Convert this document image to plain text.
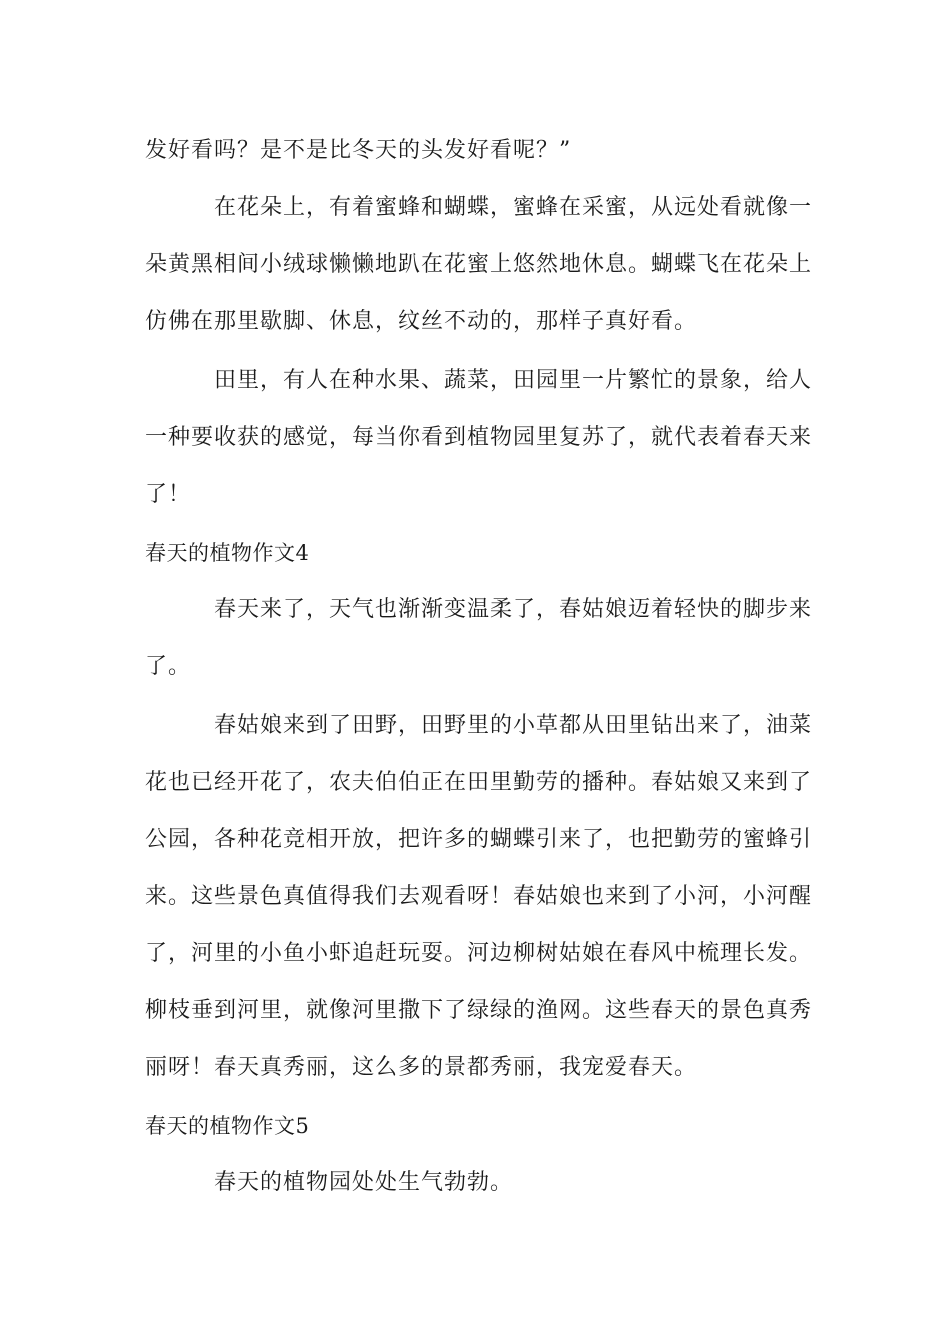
发好看吗？是不是比冬天的头发好看呢？”
在花朵上，有着蜜蜂和蝴蝶，蜜蜂在采蜜，从远处看就像一
朵黄黑相间小绒球懒懒地趴在花蜜上悠然地休息。蝴蝶飞在花朵上
仿佛在那里歇脚、休息，纹丝不动的，那样子真好看。
田里，有人在种水果、蔬菜，田园里一片繁忙的景象，给人
一种要收获的感觉，每当你看到植物园里复苏了，就代表着春天来
了！
春天的植物作文4
春天来了，天气也渐渐变温柔了，春姑娘迈着轻快的脚步来
了。
春姑娘来到了田野，田野里的小草都从田里钻出来了，油菜
花也已经开花了，农夫伯伯正在田里勤劳的播种。春姑娘又来到了
公园，各种花竞相开放，把许多的蝴蝶引来了，也把勤劳的蜜蜂引
来。这些景色真值得我们去观看呀！春姑娘也来到了小河，小河醒
了，河里的小鱼小虾追赶玩耍。河边柳树姑娘在春风中梳理长发。
柳枝垂到河里，就像河里撒下了绿绿的渔网。这些春天的景色真秀
丽呀！春天真秀丽，这么多的景都秀丽，我宠爱春天。
春天的植物作文5
春天的植物园处处生气勃勃。
